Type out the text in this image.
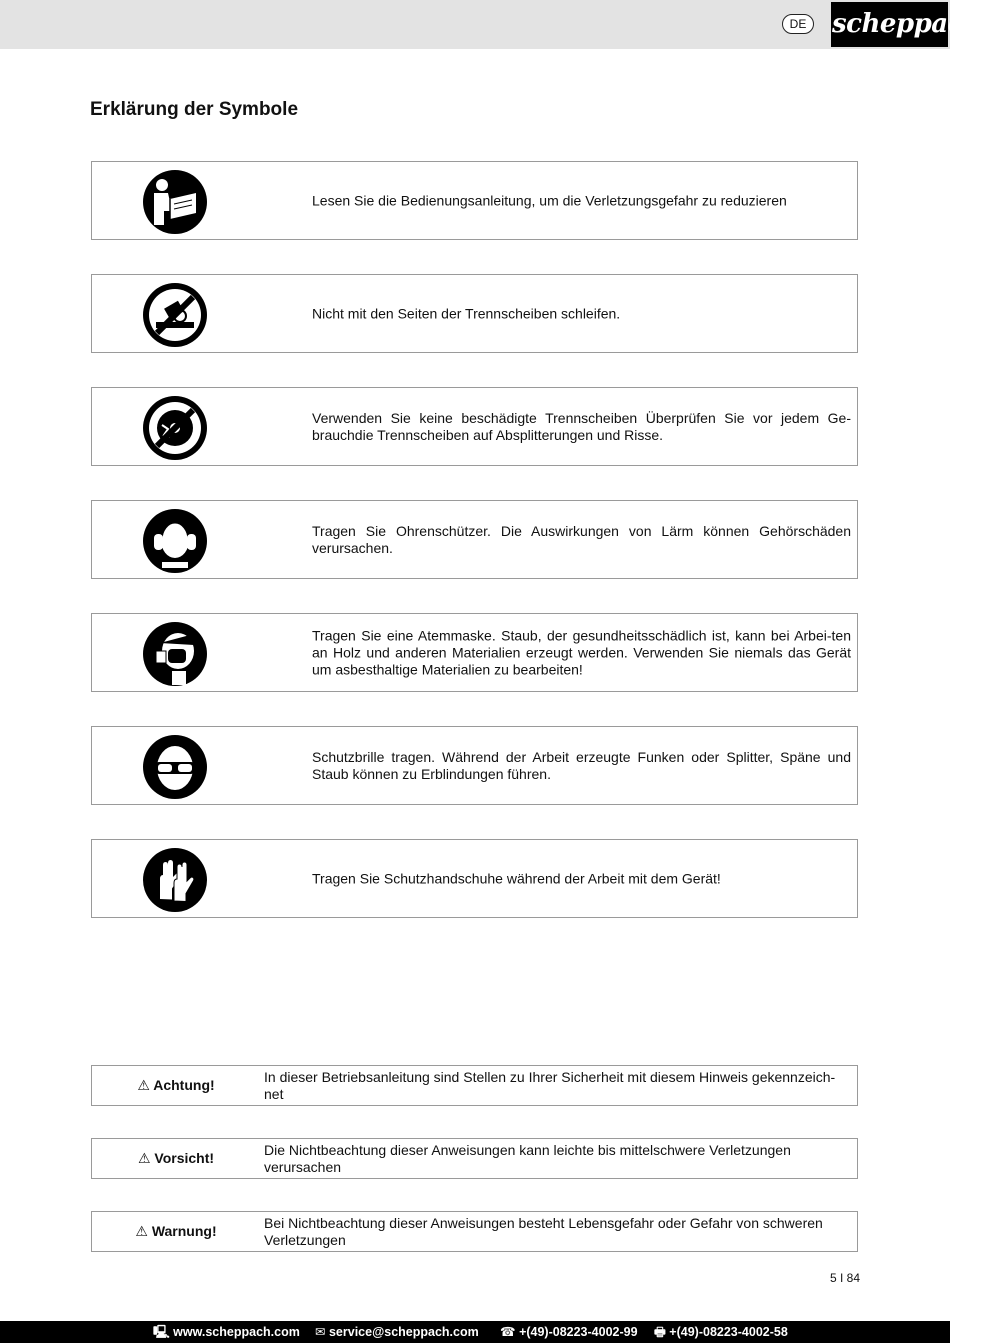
DE scheppach
Erklärung der Symbole
Lesen Sie die Bedienungsanleitung, um die Verletzungsgefahr zu reduzieren
Nicht mit den Seiten der Trennscheiben schleifen.
Verwenden Sie keine beschädigte Trennscheiben Überprüfen Sie vor jedem Ge-brauchdie Trennscheiben auf Absplitterungen und Risse.
Tragen Sie Ohrenschützer. Die Auswirkungen von Lärm können Gehörschäden verursachen.
Tragen Sie eine Atemmaske. Staub, der gesundheitsschädlich ist, kann bei Arbei-ten an Holz und anderen Materialien erzeugt werden. Verwenden Sie niemals das Gerät um asbesthaltige Materialien zu bearbeiten!
Schutzbrille tragen. Während der Arbeit erzeugte Funken oder Splitter, Späne und Staub können zu Erblindungen führen.
Tragen Sie Schutzhandschuhe während der Arbeit mit dem Gerät!
⚠ Achtung!	In dieser Betriebsanleitung sind Stellen zu Ihrer Sicherheit mit diesem Hinweis gekennzeich-net
⚠ Vorsicht!	Die Nichtbeachtung dieser Anweisungen kann leichte bis mittelschwere Verletzungen verursachen
⚠ Warnung!	Bei Nichtbeachtung dieser Anweisungen besteht Lebensgefahr oder Gefahr von schweren Verletzungen
5 I 84
🖳 www.scheppach.com ✉ service@scheppach.com ☎ +(49)-08223-4002-99 🖶 +(49)-08223-4002-58
